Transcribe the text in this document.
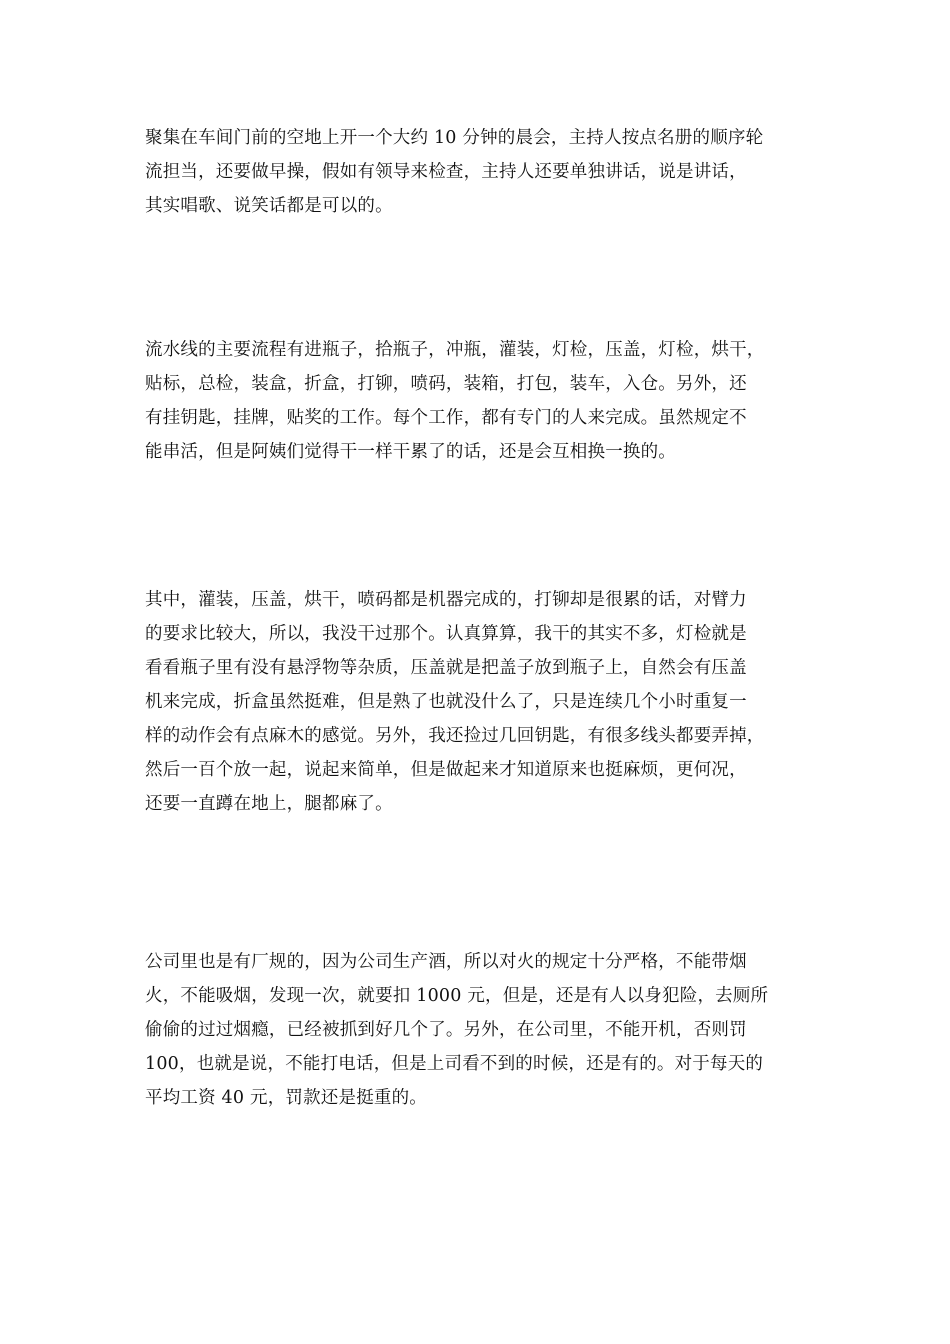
聚集在车间门前的空地上开一个大约 10 分钟的晨会，主持人按点名册的顺序轮
流担当，还要做早操，假如有领导来检查，主持人还要单独讲话，说是讲话，
其实唱歌、说笑话都是可以的。
流水线的主要流程有进瓶子，拾瓶子，冲瓶，灌装，灯检，压盖，灯检，烘干，
贴标，总检，装盒，折盒，打铆，喷码，装箱，打包，装车，入仓。另外，还
有挂钥匙，挂牌，贴奖的工作。每个工作，都有专门的人来完成。虽然规定不
能串活，但是阿姨们觉得干一样干累了的话，还是会互相换一换的。
其中，灌装，压盖，烘干，喷码都是机器完成的，打铆却是很累的话，对臂力
的要求比较大，所以，我没干过那个。认真算算，我干的其实不多，灯检就是
看看瓶子里有没有悬浮物等杂质，压盖就是把盖子放到瓶子上，自然会有压盖
机来完成，折盒虽然挺难，但是熟了也就没什么了，只是连续几个小时重复一
样的动作会有点麻木的感觉。另外，我还捡过几回钥匙，有很多线头都要弄掉，
然后一百个放一起，说起来简单，但是做起来才知道原来也挺麻烦，更何况，
还要一直蹲在地上，腿都麻了。
公司里也是有厂规的，因为公司生产酒，所以对火的规定十分严格，不能带烟
火，不能吸烟，发现一次，就要扣 1000 元，但是，还是有人以身犯险，去厕所
偷偷的过过烟瘾，已经被抓到好几个了。另外，在公司里，不能开机，否则罚
100，也就是说，不能打电话，但是上司看不到的时候，还是有的。对于每天的
平均工资 40 元，罚款还是挺重的。
